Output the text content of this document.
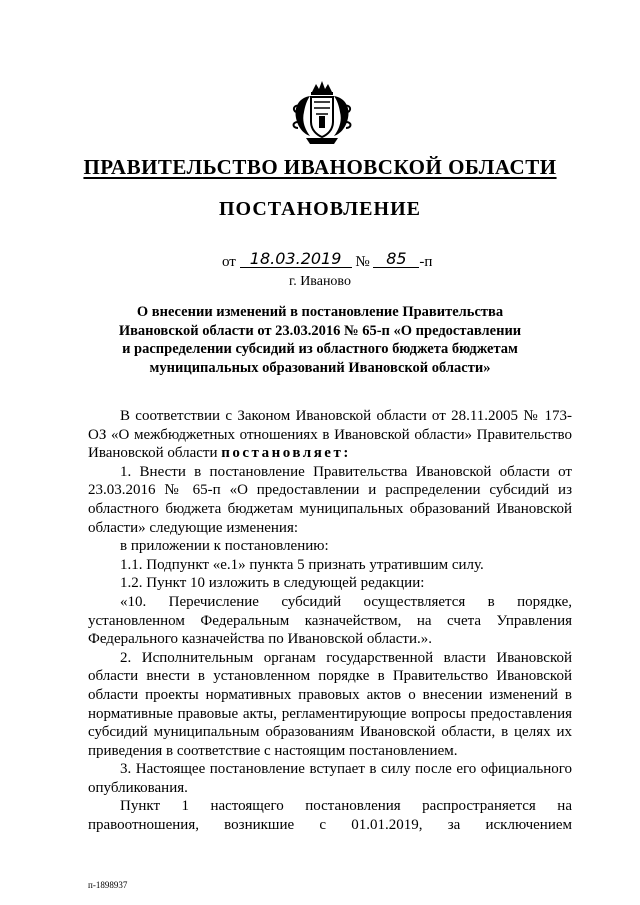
ПРАВИТЕЛЬСТВО ИВАНОВСКОЙ ОБЛАСТИ
ПОСТАНОВЛЕНИЕ
от 18.03.2019 № 85 -п
г. Иваново
О внесении изменений в постановление Правительства
Ивановской области от 23.03.2016 № 65-п «О предоставлении
и распределении субсидий из областного бюджета бюджетам
муниципальных образований Ивановской области»

В соответствии с Законом Ивановской области от 28.11.2005 № 173-ОЗ «О межбюджетных отношениях в Ивановской области» Правительство Ивановской области постановляет:

1. Внести в постановление Правительства Ивановской области от 23.03.2016 № 65-п «О предоставлении и распределении субсидий из областного бюджета бюджетам муниципальных образований Ивановской области» следующие изменения:

в приложении к постановлению:

1.1. Подпункт «е.1» пункта 5 признать утратившим силу.

1.2. Пункт 10 изложить в следующей редакции:

«10. Перечисление субсидий осуществляется в порядке, установленном Федеральным казначейством, на счета Управления Федерального казначейства по Ивановской области.».

2. Исполнительным органам государственной власти Ивановской области внести в установленном порядке в Правительство Ивановской области проекты нормативных правовых актов о внесении изменений в нормативные правовые акты, регламентирующие вопросы предоставления субсидий муниципальным образованиям Ивановской области, в целях их приведения в соответствие с настоящим постановлением.

3. Настоящее постановление вступает в силу после его официального опубликования.

Пункт 1 настоящего постановления распространяется на правоотношения, возникшие с 01.01.2019, за исключением

п-1898937
